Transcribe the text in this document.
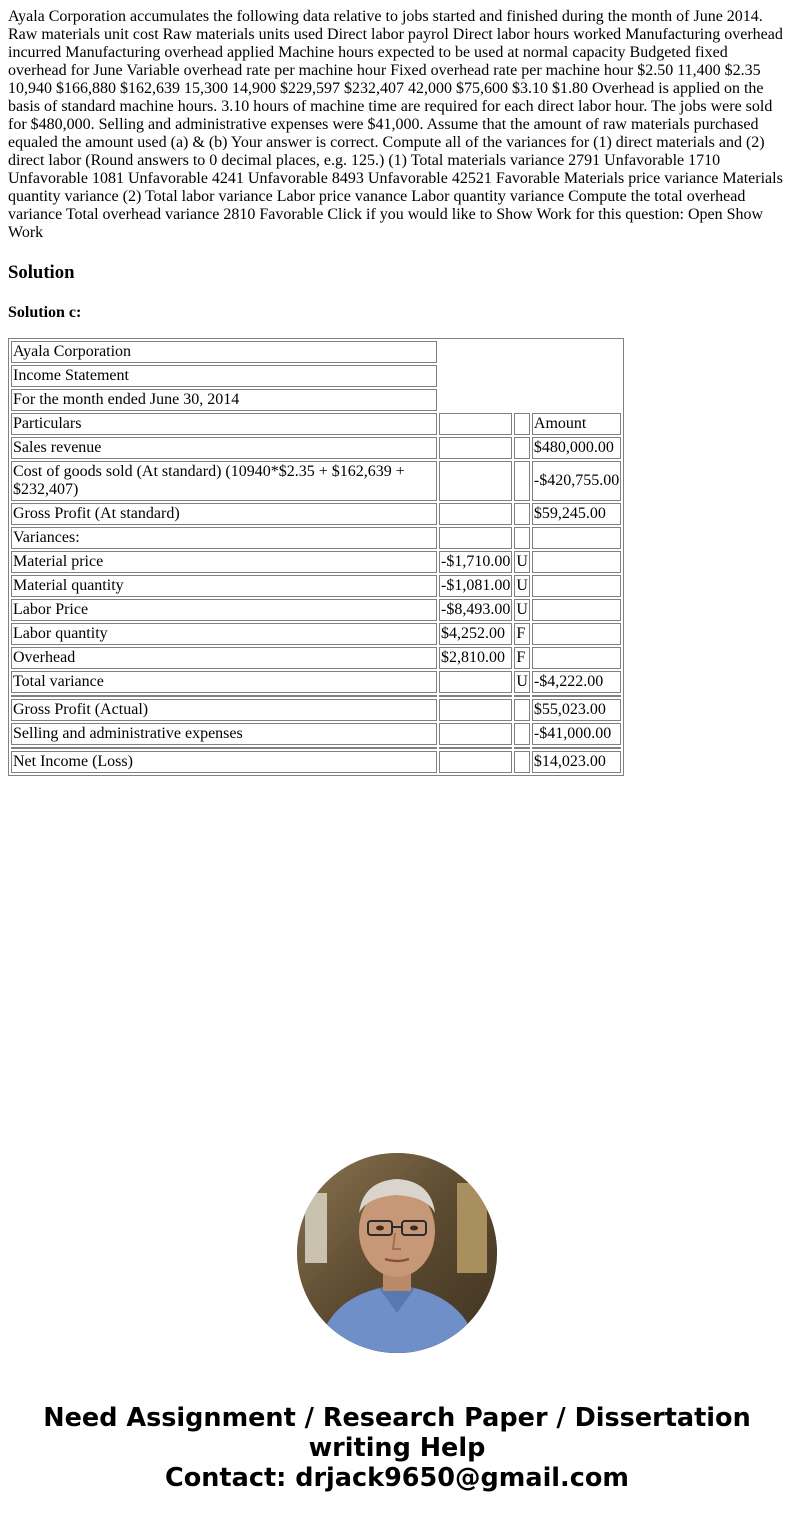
Ayala Corporation accumulates the following data relative to jobs started and finished during the month of June 2014. Raw materials unit cost Raw materials units used Direct labor payrol Direct labor hours worked Manufacturing overhead incurred Manufacturing overhead applied Machine hours expected to be used at normal capacity Budgeted fixed overhead for June Variable overhead rate per machine hour Fixed overhead rate per machine hour $2.50 11,400 $2.35 10,940 $166,880 $162,639 15,300 14,900 $229,597 $232,407 42,000 $75,600 $3.10 $1.80 Overhead is applied on the basis of standard machine hours. 3.10 hours of machine time are required for each direct labor hour. The jobs were sold for $480,000. Selling and administrative expenses were $41,000. Assume that the amount of raw materials purchased equaled the amount used (a) & (b) Your answer is correct. Compute all of the variances for (1) direct materials and (2) direct labor (Round answers to 0 decimal places, e.g. 125.) (1) Total materials variance 2791 Unfavorable 1710 Unfavorable 1081 Unfavorable 4241 Unfavorable 8493 Unfavorable 42521 Favorable Materials price variance Materials quantity variance (2) Total labor variance Labor price vanance Labor quantity variance Compute the total overhead variance Total overhead variance 2810 Favorable Click if you would like to Show Work for this question: Open Show Work

Solution
Solution c:
Ayala Corporation			
Income Statement			
For the month ended June 30, 2014			
Particulars			Amount
Sales revenue			$480,000.00
Cost of goods sold (At standard) (10940*$2.35 + $162,639 + $232,407)			-$420,755.00
Gross Profit (At standard)			$59,245.00
Variances:			
Material price	-$1,710.00	U	
Material quantity	-$1,081.00	U	
Labor Price	-$8,493.00	U	
Labor quantity	$4,252.00	F	
Overhead	$2,810.00	F	
Total variance		U	-$4,222.00

Gross Profit (Actual)			$55,023.00
Selling and administrative expenses			-$41,000.00

Net Income (Loss)			$14,023.00
Need Assignment / Research Paper / Dissertation
writing Help
Contact: drjack9650@gmail.com
